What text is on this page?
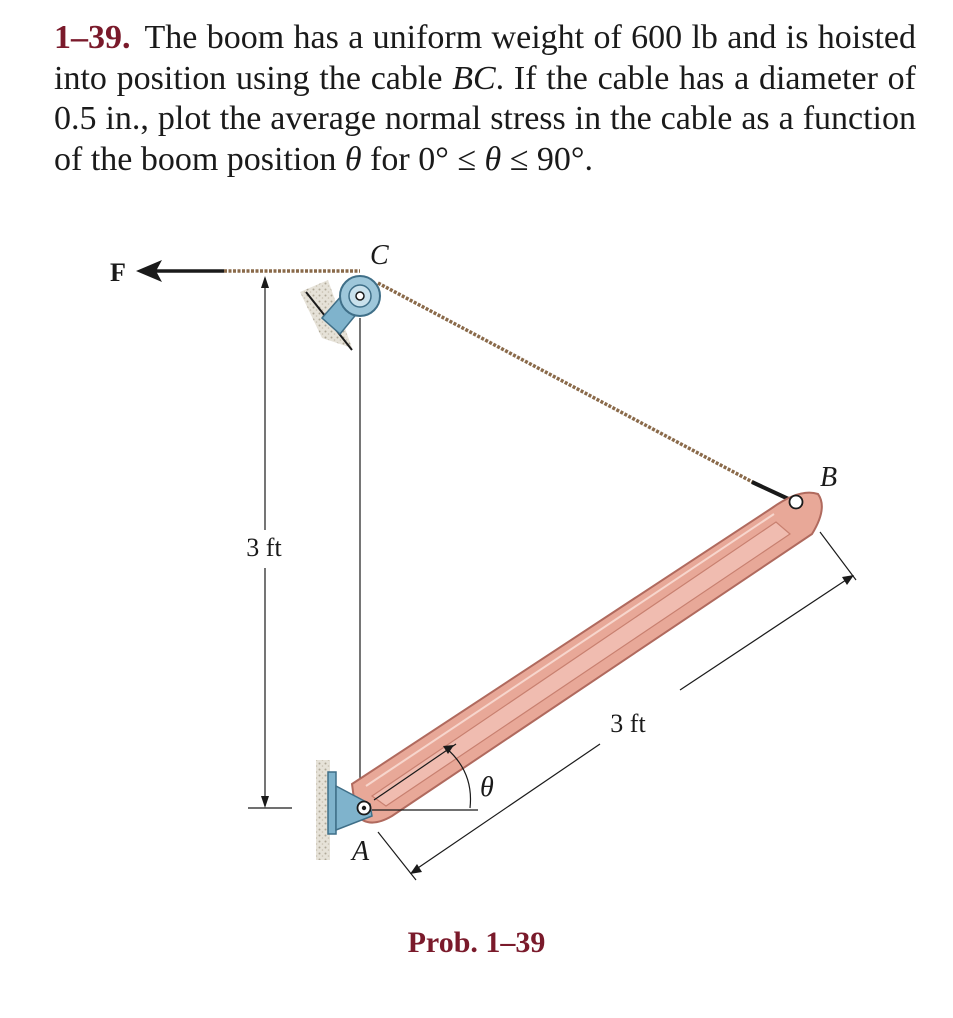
1–39. The boom has a uniform weight of 600 lb and is hoisted into position using the cable BC. If the cable has a diameter of 0.5 in., plot the average normal stress in the cable as a function of the boom position θ for 0° ≤ θ ≤ 90°.
3 ft
θ
3 ft
F
C
B
A
Prob. 1–39
